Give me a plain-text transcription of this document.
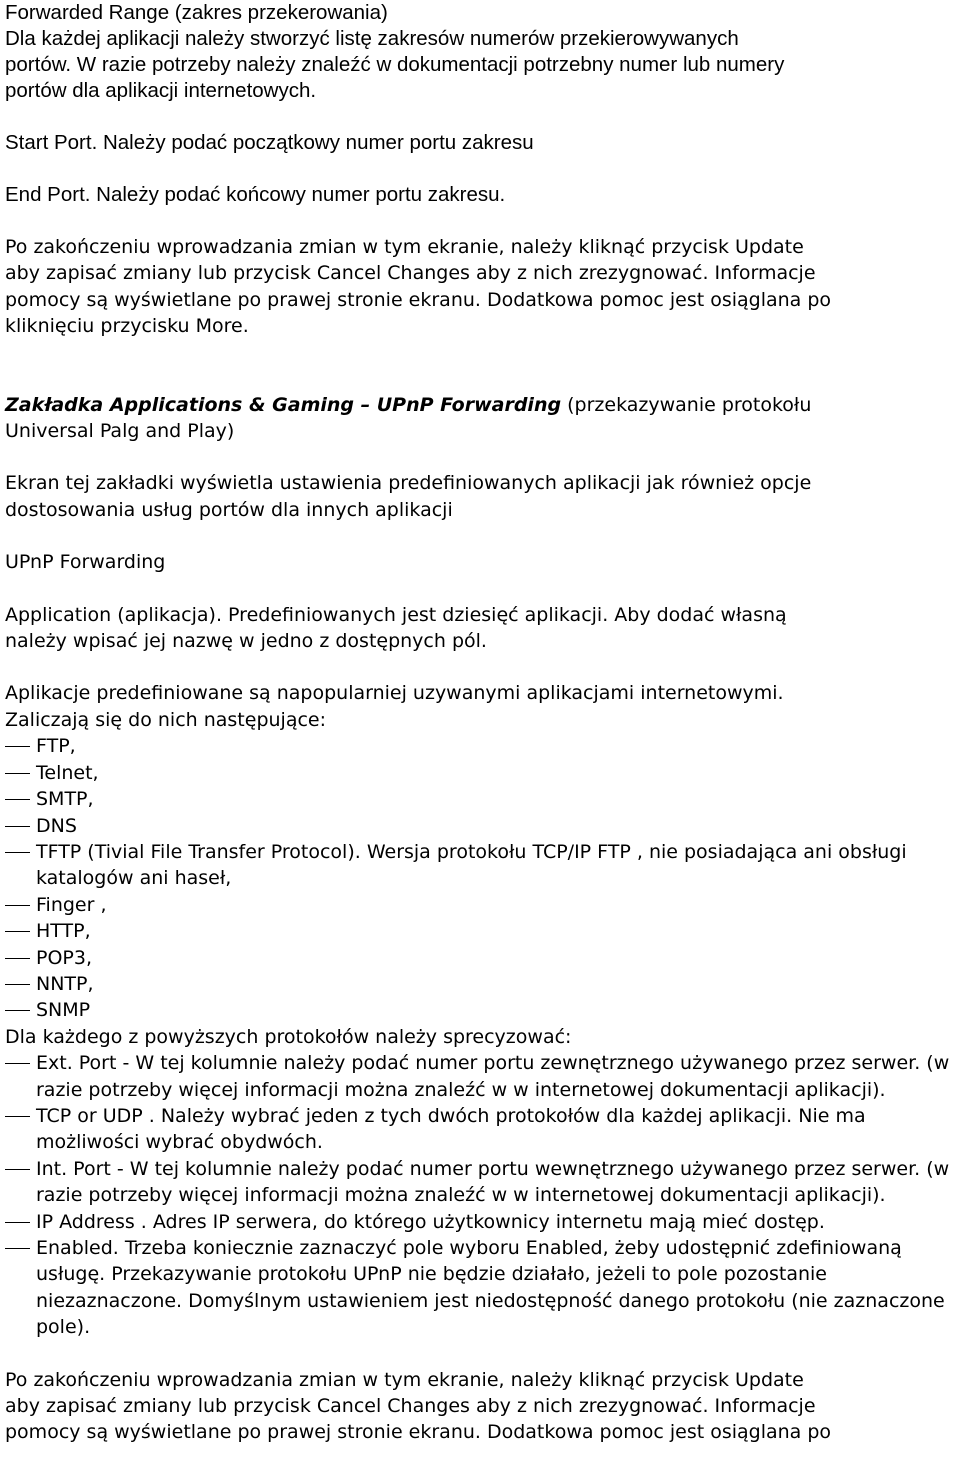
Forwarded Range (zakres przekerowania)

Dla każdej aplikacji należy stworzyć listę zakresów numerów przekierowywanych

portów. W razie potrzeby należy znaleźć w dokumentacji potrzebny numer lub numery

portów dla aplikacji internetowych.

Start Port. Należy podać początkowy numer portu zakresu

End Port. Należy podać końcowy numer portu zakresu.

Po zakończeniu wprowadzania zmian w tym ekranie, należy kliknąć przycisk Update

aby zapisać zmiany lub przycisk Cancel Changes aby z nich zrezygnować. Informacje

pomocy są wyświetlane po prawej stronie ekranu. Dodatkowa pomoc jest osiąglana po

kliknięciu przycisku More.

Zakładka Applications & Gaming – UPnP Forwarding (przekazywanie protokołu

Universal Palg and Play)

Ekran tej zakładki wyświetla ustawienia predefiniowanych aplikacji jak również opcje

dostosowania usług portów dla innych aplikacji

UPnP Forwarding

Application (aplikacja). Predefiniowanych jest dziesięć aplikacji. Aby dodać własną

należy wpisać jej nazwę w jedno z dostępnych pól.

Aplikacje predefiniowane są napopularniej uzywanymi aplikacjami internetowymi.

Zaliczają się do nich następujące:

FTP,
Telnet,
SMTP,
DNS
TFTP (Tivial File Transfer Protocol). Wersja protokołu TCP/IP FTP , nie posiadająca ani obsługi katalogów ani haseł,
Finger ,
HTTP,
POP3,
NNTP,
SNMP

Dla każdego z powyższych protokołów należy sprecyzować:

Ext. Port - W tej kolumnie należy podać numer portu zewnętrznego używanego przez serwer. (w razie potrzeby więcej informacji można znaleźć w w internetowej dokumentacji aplikacji).
TCP or UDP . Należy wybrać jeden z tych dwóch protokołów dla każdej aplikacji. Nie ma możliwości wybrać obydwóch.
Int. Port - W tej kolumnie należy podać numer portu wewnętrznego używanego przez serwer. (w razie potrzeby więcej informacji można znaleźć w w internetowej dokumentacji aplikacji).
IP Address . Adres IP serwera, do którego użytkownicy internetu mają mieć dostęp.
Enabled. Trzeba koniecznie zaznaczyć pole wyboru Enabled, żeby udostępnić zdefiniowaną usługę. Przekazywanie protokołu UPnP nie będzie działało, jeżeli to pole pozostanie niezaznaczone. Domyślnym ustawieniem jest niedostępność danego protokołu (nie zaznaczone pole).

Po zakończeniu wprowadzania zmian w tym ekranie, należy kliknąć przycisk Update

aby zapisać zmiany lub przycisk Cancel Changes aby z nich zrezygnować. Informacje

pomocy są wyświetlane po prawej stronie ekranu. Dodatkowa pomoc jest osiąglana po
